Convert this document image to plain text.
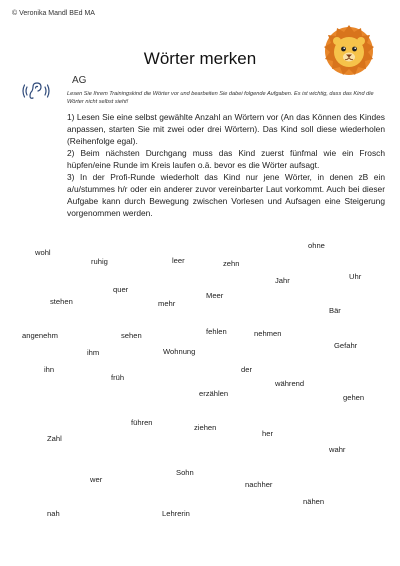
© Veronika Mandl BEd MA
Wörter merken
AG
Lesen Sie Ihrem Trainingskind die Wörter vor und bearbeiten Sie dabei folgende Aufgaben. Es ist wichtig, dass das Kind die Wörter nicht selbst sieht!

1) Lesen Sie eine selbst gewählte Anzahl an Wörtern vor (An das Können des Kindes anpassen, starten Sie mit zwei oder drei Wörtern). Das Kind soll diese wiederholen (Reihenfolge egal).

2) Beim nächsten Durchgang muss das Kind zuerst fünfmal wie ein Frosch hüpfen/eine Runde im Kreis laufen o.ä. bevor es die Wörter aufsagt.

3) In der Profi-Runde wiederholt das Kind nur jene Wörter, in denen zB ein a/u/stummes h/r oder ein anderer zuvor vereinbarter Laut vorkommt. Auch bei dieser Aufgabe kann durch Bewegung zwischen Vorlesen und Aufsagen eine Steigerung vorgenommen werden.

ohne
wohl
ruhig	leer	zehn
Uhr
Jahr
quer
stehen
Meer
mehr
Bär
fehlen	nehmen
angenehm	sehen
Gefahr
ihm	Wohnung
ihn	der
früh
während
erzählen	gehen
führen
ziehen
her
Zahl
wahr
Sohn
wer
nachher
nähen
nah	Lehrerin
